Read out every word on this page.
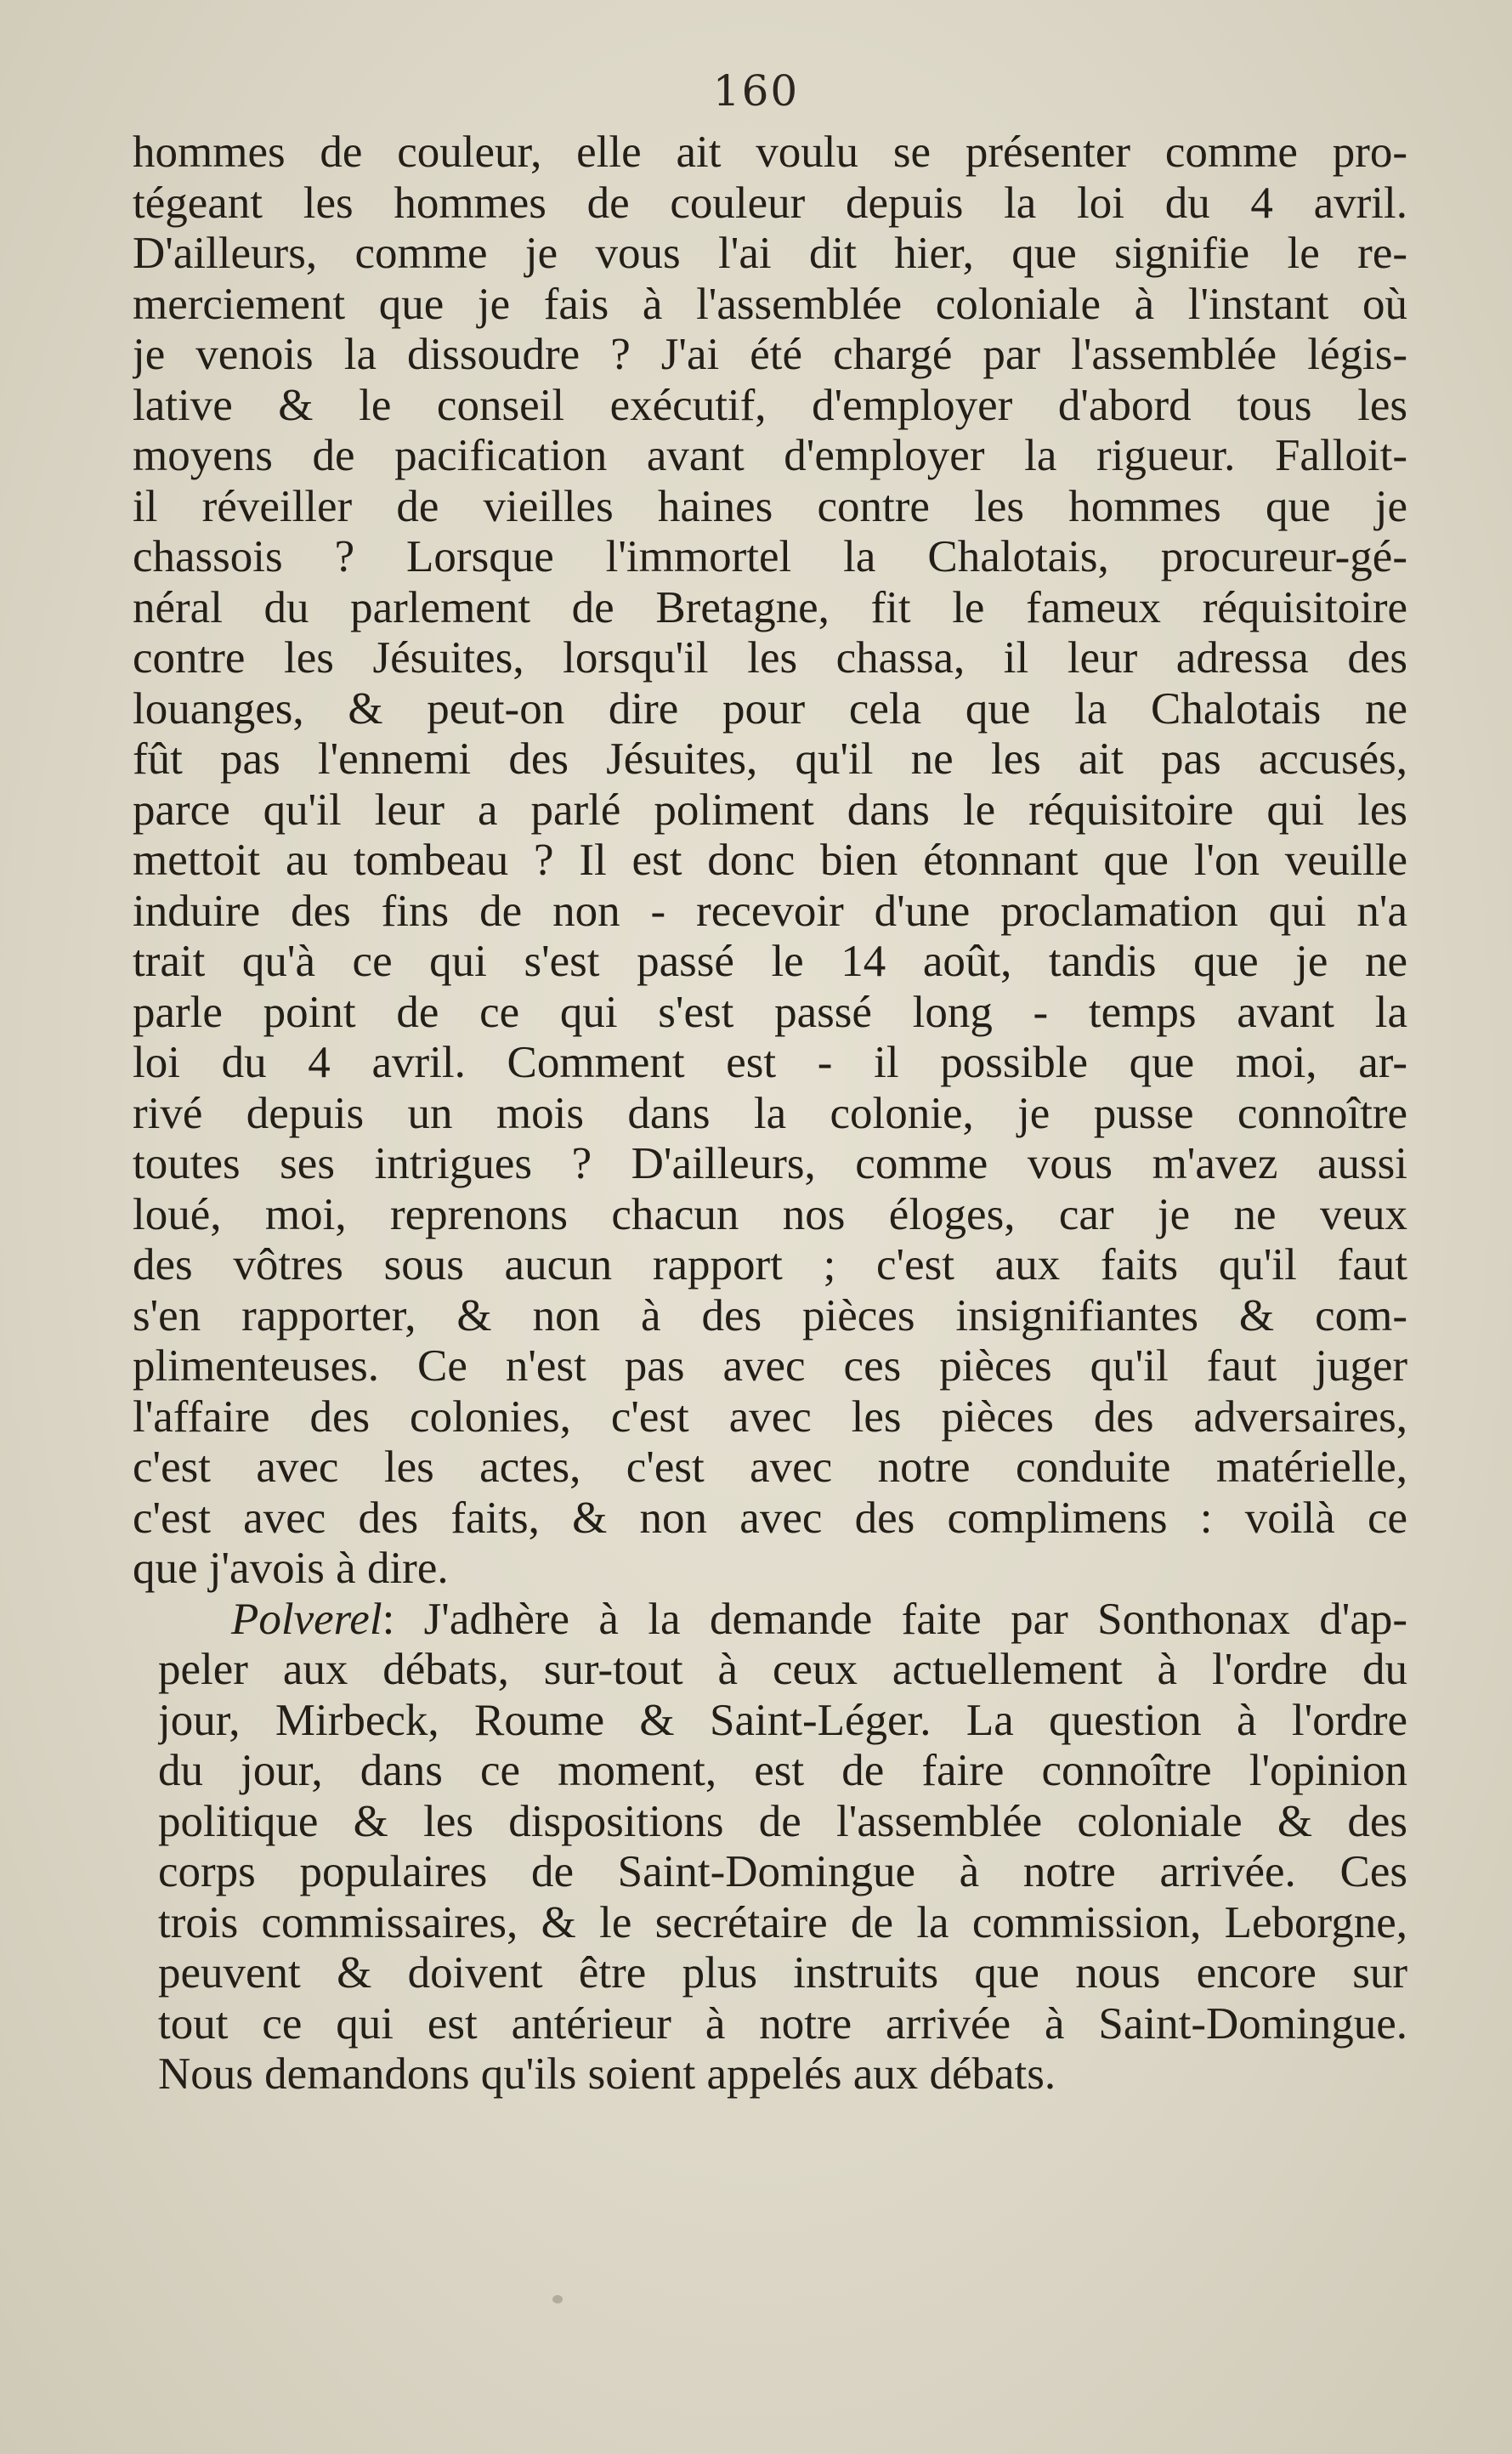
160
hommes de couleur, elle ait voulu se présenter comme pro-
tégeant les hommes de couleur depuis la loi du 4 avril.
D'ailleurs, comme je vous l'ai dit hier, que signifie le re-
merciement que je fais à l'assemblée coloniale à l'instant où
je venois la dissoudre ? J'ai été chargé par l'assemblée légis-
lative & le conseil exécutif, d'employer d'abord tous les
moyens de pacification avant d'employer la rigueur. Falloit-
il réveiller de vieilles haines contre les hommes que je
chassois ? Lorsque l'immortel la Chalotais, procureur-gé-
néral du parlement de Bretagne, fit le fameux réquisitoire
contre les Jésuites, lorsqu'il les chassa, il leur adressa des
louanges, & peut-on dire pour cela que la Chalotais ne
fût pas l'ennemi des Jésuites, qu'il ne les ait pas accusés,
parce qu'il leur a parlé poliment dans le réquisitoire qui les
mettoit au tombeau ? Il est donc bien étonnant que l'on veuille
induire des fins de non - recevoir d'une proclamation qui n'a
trait qu'à ce qui s'est passé le 14 août, tandis que je ne
parle point de ce qui s'est passé long - temps avant la
loi du 4 avril. Comment est - il possible que moi, ar-
rivé depuis un mois dans la colonie, je pusse connoître
toutes ses intrigues ? D'ailleurs, comme vous m'avez aussi
loué, moi, reprenons chacun nos éloges, car je ne veux
des vôtres sous aucun rapport ; c'est aux faits qu'il faut
s'en rapporter, & non à des pièces insignifiantes & com-
plimenteuses. Ce n'est pas avec ces pièces qu'il faut juger
l'affaire des colonies, c'est avec les pièces des adversaires,
c'est avec les actes, c'est avec notre conduite matérielle,
c'est avec des faits, & non avec des complimens : voilà ce
que j'avois à dire.
Polverel: J'adhère à la demande faite par Sonthonax d'ap-
peler aux débats, sur-tout à ceux actuellement à l'ordre du
jour, Mirbeck, Roume & Saint-Léger. La question à l'ordre
du jour, dans ce moment, est de faire connoître l'opinion
politique & les dispositions de l'assemblée coloniale & des
corps populaires de Saint-Domingue à notre arrivée. Ces
trois commissaires, & le secrétaire de la commission, Leborgne,
peuvent & doivent être plus instruits que nous encore sur
tout ce qui est antérieur à notre arrivée à Saint-Domingue.
Nous demandons qu'ils soient appelés aux débats.
